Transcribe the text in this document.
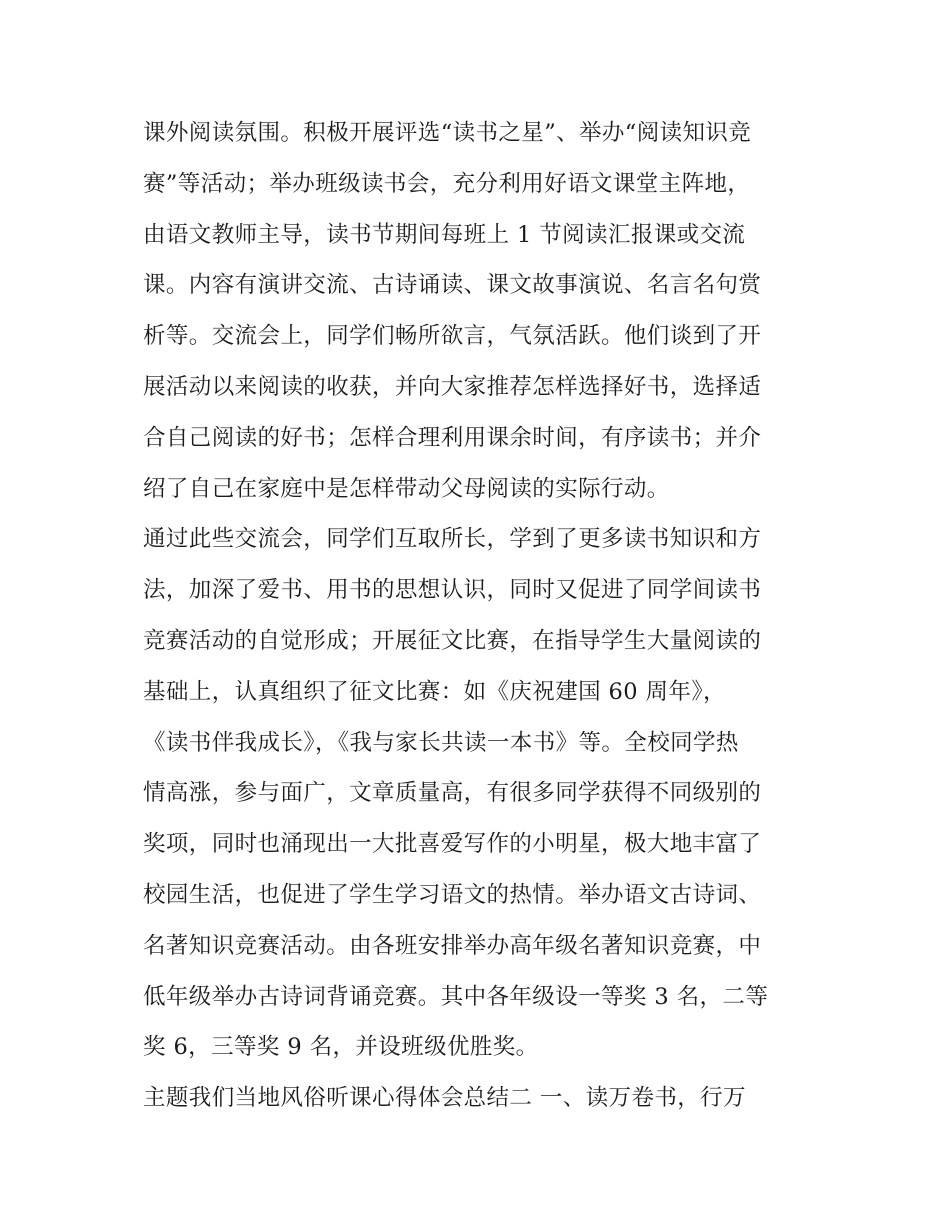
课外阅读氛围。积极开展评选“读书之星”、举办“阅读知识竞
赛”等活动；举办班级读书会，充分利用好语文课堂主阵地，
由语文教师主导，读书节期间每班上 1 节阅读汇报课或交流
课。内容有演讲交流、古诗诵读、课文故事演说、名言名句赏
析等。交流会上，同学们畅所欲言，气氛活跃。他们谈到了开
展活动以来阅读的收获，并向大家推荐怎样选择好书，选择适
合自己阅读的好书；怎样合理利用课余时间，有序读书；并介
绍了自己在家庭中是怎样带动父母阅读的实际行动。
通过此些交流会，同学们互取所长，学到了更多读书知识和方
法，加深了爱书、用书的思想认识，同时又促进了同学间读书
竞赛活动的自觉形成；开展征文比赛，在指导学生大量阅读的
基础上，认真组织了征文比赛：如《庆祝建国 60 周年》，
《读书伴我成长》，《我与家长共读一本书》等。全校同学热
情高涨，参与面广，文章质量高，有很多同学获得不同级别的
奖项，同时也涌现出一大批喜爱写作的小明星，极大地丰富了
校园生活，也促进了学生学习语文的热情。举办语文古诗词、
名著知识竞赛活动。由各班安排举办高年级名著知识竞赛，中
低年级举办古诗词背诵竞赛。其中各年级设一等奖 3 名，二等
奖 6，三等奖 9 名，并设班级优胜奖。
主题我们当地风俗听课心得体会总结二 一、读万卷书，行万
